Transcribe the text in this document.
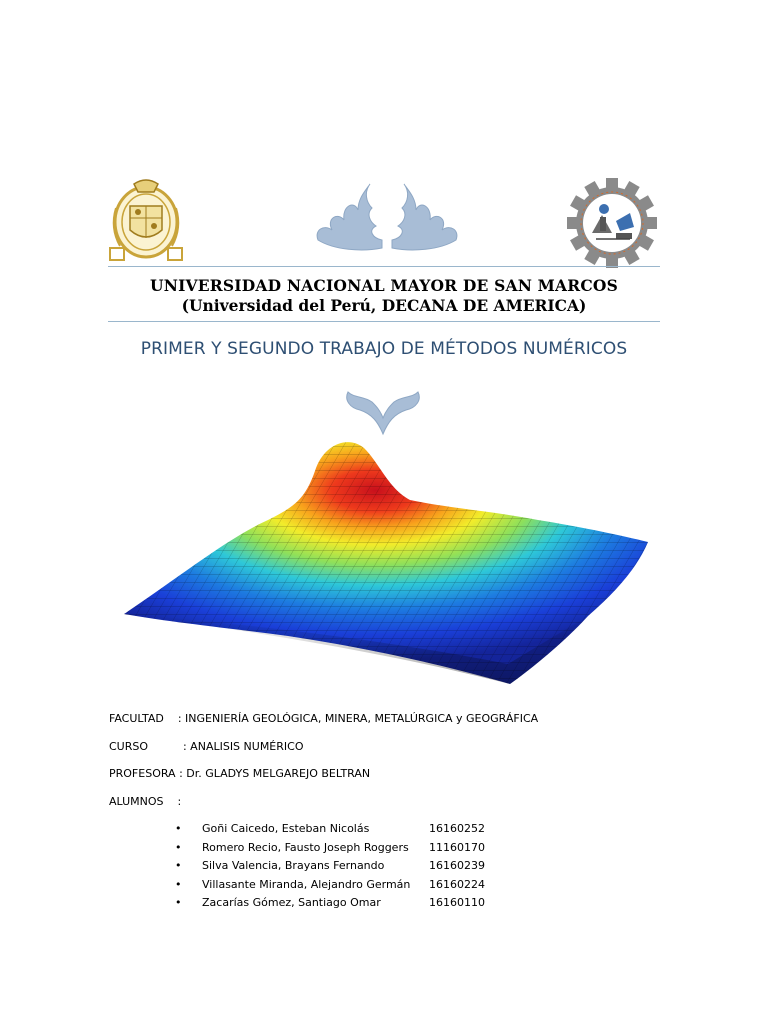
UNIVERSIDAD NACIONAL MAYOR DE SAN MARCOS
(Universidad del Perú, DECANA DE AMERICA)
PRIMER Y SEGUNDO TRABAJO DE MÉTODOS NUMÉRICOS
FACULTAD    : INGENIERÍA GEOLÓGICA, MINERA, METALÚRGICA y GEOGRÁFICA
CURSO          : ANALISIS NUMÉRICO
PROFESORA : Dr. GLADYS MELGAREJO BELTRAN
ALUMNOS    :
• Goñi Caicedo, Esteban Nicolás	16160252
• Romero Recio, Fausto Joseph Roggers 11160170
• Silva Valencia, Brayans Fernando	16160239
• Villasante Miranda, Alejandro Germán 16160224
• Zacarías Gómez, Santiago Omar	16160110
